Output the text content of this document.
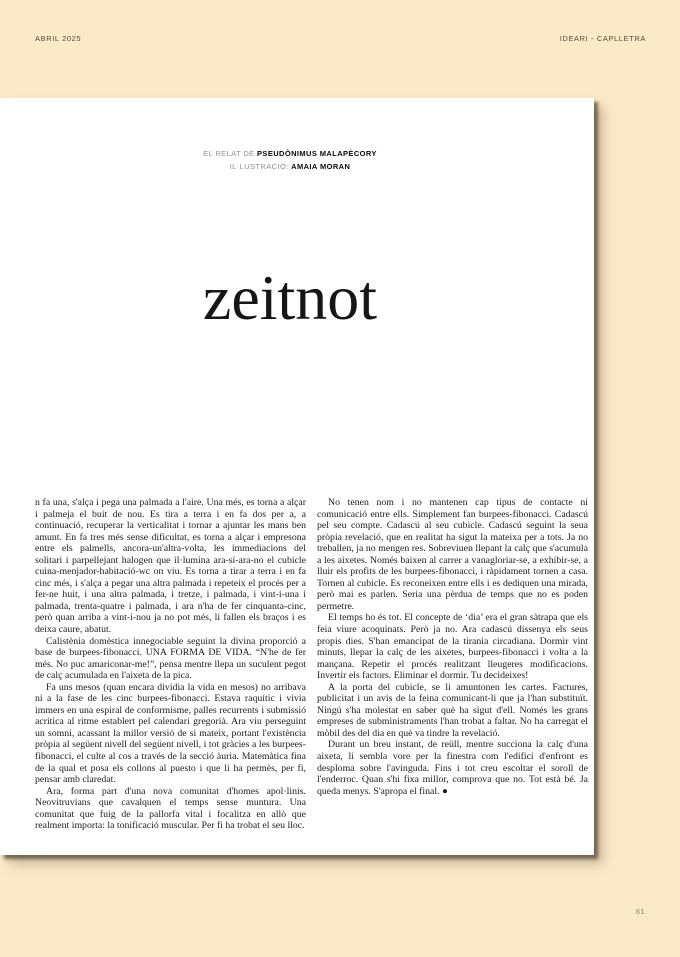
ABRIL 2025	IDEARI - CAPLLETRA
EL RELAT DE PSEUDÒNIMUS MALAPÈCORY
IL·LUSTRACIÓ: AMAIA MORAN
zeitnot

n fa una, s'alça i pega una palmada a l'aire. Una més, es torna a alçar i palmeja el buit de nou. Es tira a terra i en fa dos per a, a continuació, recuperar la verticalitat i tornar a ajuntar les mans ben amunt. En fa tres més sense dificultat, es torna a alçar i empresona entre els palmells, ancora-un'altra-volta, les immediacions del solitari i parpellejant halogen que il·lumina ara-sí-ara-no el cubicle cuina-menjador-habitació-wc on viu. Es torna a tirar a terra i en fa cinc més, i s'alça a pegar una altra palmada i repeteix el procés per a fer-ne huit, i una altra palmada, i tretze, i palmada, i vint-i-una i palmada, trenta-quatre i palmada, i ara n'ha de fer cinquanta-cinc, però quan arriba a vint-i-nou ja no pot més, li fallen els braços i es deixa caure, abatut.

Calistènia domèstica innegociable seguint la divina proporció a base de burpees-fibonacci. UNA FORMA DE VIDA. “N'he de fer més. No puc amariconar-me!”, pensa mentre llepa un suculent pegot de calç acumulada en l'aixeta de la pica.

Fa uns mesos (quan encara dividia la vida en mesos) no arribava ni a la fase de les cinc burpees-fibonacci. Estava raquític i vivia immers en una espiral de conformisme, palles recurrents i submissió acrítica al ritme establert pel calendari gregorià. Ara viu perseguint un somni, acassant la millor versió de si mateix, portant l'existència pròpia al següent nivell del següent nivell, i tot gràcies a les burpees-fibonacci, el culte al cos a través de la secció àuria. Matemàtica fina de la qual et posa els collons al puesto i que li ha permès, per fi, pensar amb claredat.

Ara, forma part d'una nova comunitat d'homes apol·linis. Neovitruvians que cavalquen el temps sense muntura. Una comunitat que fuig de la pallorfa vital i focalitza en allò que realment importa: la tonificació muscular. Per fi ha trobat el seu lloc.

No tenen nom i no mantenen cap tipus de contacte ni comunicació entre ells. Simplement fan burpees-fibonacci. Cadascú pel seu compte. Cadascú al seu cubicle. Cadascú seguint la seua pròpia revelació, que en realitat ha sigut la mateixa per a tots. Ja no treballen, ja no mengen res. Sobreviuen llepant la calç que s'acumula a les aixetes. Només baixen al carrer a vanagloriar-se, a exhibir-se, a lluir els profits de les burpees-fibonacci, i ràpidament tornen a casa. Tornen al cubicle. Es reconeixen entre ells i es dediquen una mirada, però mai es parlen. Seria una pèrdua de temps que no es poden permetre.

El temps ho és tot. El concepte de ‘dia’ era el gran sàtrapa que els feia viure acoquinats. Però ja no. Ara cadascú dissenya els seus propis dies. S'han emancipat de la tirania circadiana. Dormir vint minuts, llepar la calç de les aixetes, burpees-fibonacci i volta a la mançana. Repetir el procés realitzant lleugeres modificacions. Invertir els factors. Eliminar el dormir. Tu decideixes!

A la porta del cubicle, se li amuntonen les cartes. Factures, publicitat i un avís de la feina comunicant-li que ja l'han substituït. Ningú s'ha molestat en saber què ha sigut d'ell. Només les grans empreses de subministraments l'han trobat a faltar. No ha carregat el mòbil des del dia en què va tindre la revelació.

Durant un breu instant, de reüll, mentre succiona la calç d'una aixeta, li sembla vore per la finestra com l'edifici d'enfront es desploma sobre l'avinguda. Fins i tot creu escoltar el soroll de l'enderroc. Quan s'hi fixa millor, comprova que no. Tot està bé. Ja queda menys. S'apropa el final. ●

61
